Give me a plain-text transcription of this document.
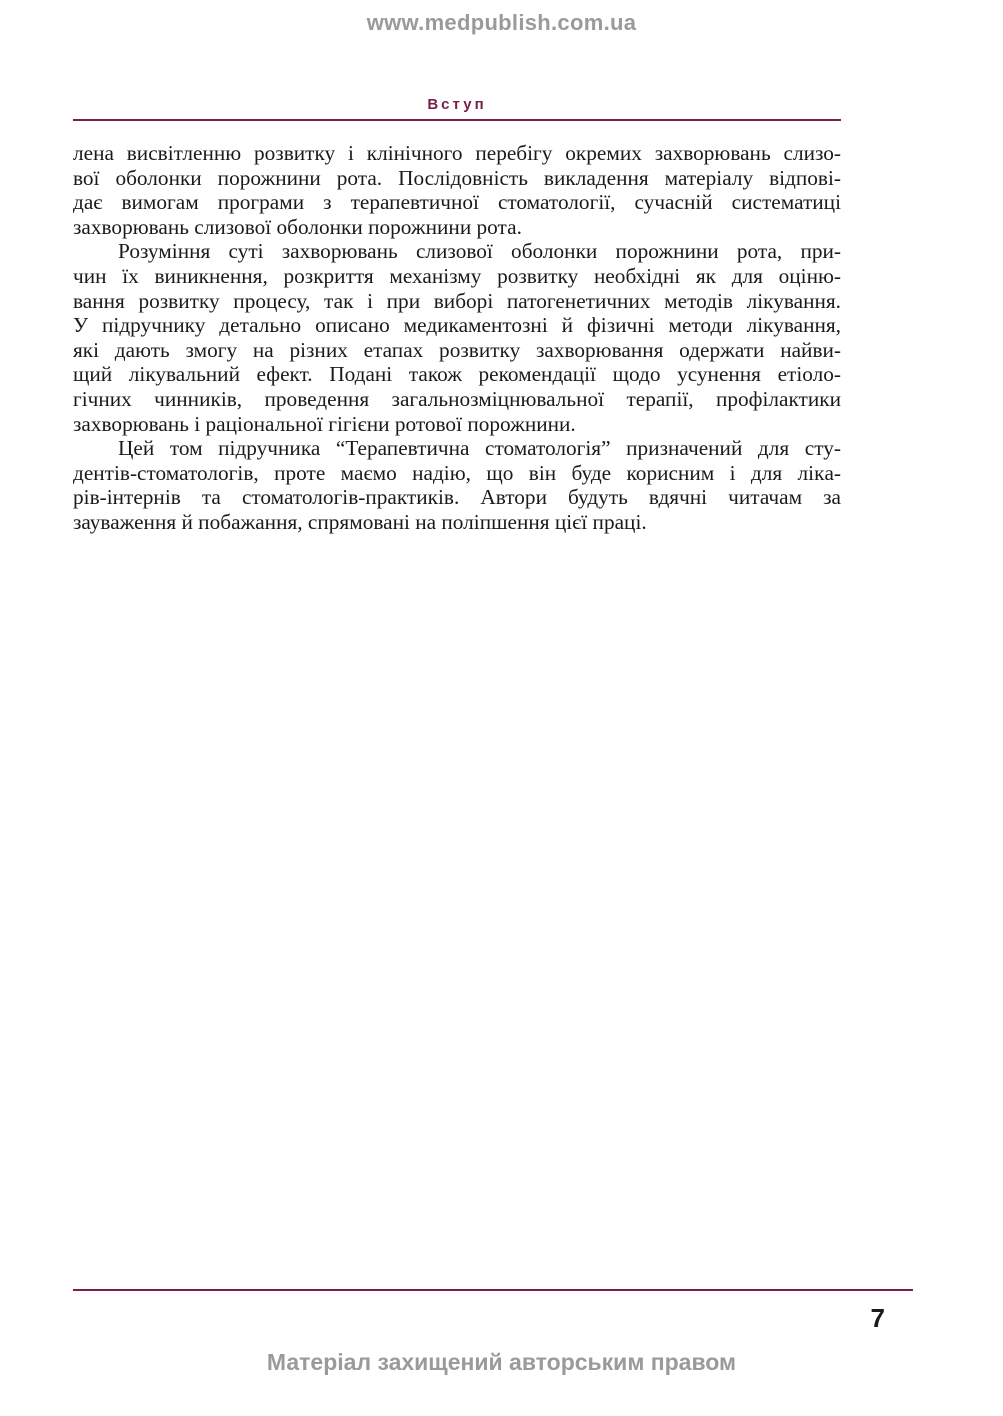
www.medpublish.com.ua
Вступ
лена висвітленню розвитку і клінічного перебігу окремих захворювань слизо-
вої оболонки порожнини рота. Послідовність викладення матеріалу відпові-
дає вимогам програми з терапевтичної стоматології, сучасній систематиці
захворювань слизової оболонки порожнини рота.
Розуміння суті захворювань слизової оболонки порожнини рота, при-
чин їх виникнення, розкриття механізму розвитку необхідні як для оціню-
вання розвитку процесу, так і при виборі патогенетичних методів лікування.
У підручнику детально описано медикаментозні й фізичні методи лікування,
які дають змогу на різних етапах розвитку захворювання одержати найви-
щий лікувальний ефект. Подані також рекомендації щодо усунення етіоло-
гічних чинників, проведення загальнозміцнювальної терапії, профілактики
захворювань і раціональної гігієни ротової порожнини.
Цей том підручника “Терапевтична стоматологія” призначений для сту-
дентів-стоматологів, проте маємо надію, що він буде корисним і для лікa-
рів-інтернів та стоматологів-практиків. Автори будуть вдячні читачам за
зауваження й побажання, спрямовані на поліпшення цієї праці.
7
Матеріал захищений авторським правом
